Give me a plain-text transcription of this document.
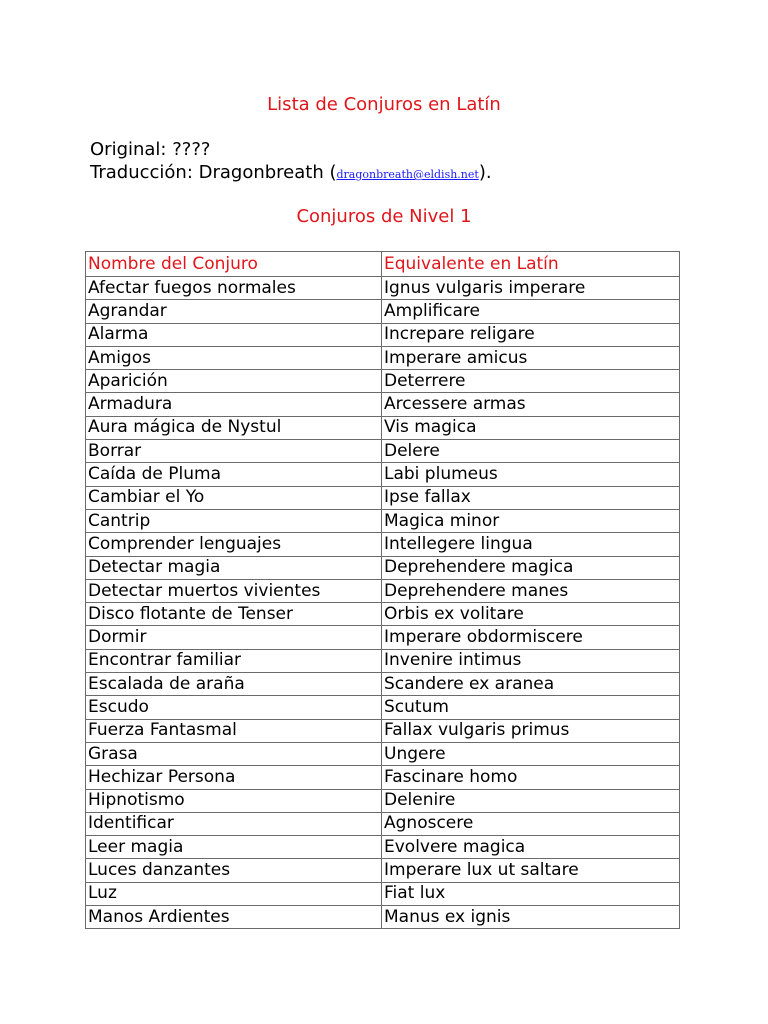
Lista de Conjuros en Latín
Original: ????
Traducción: Dragonbreath (dragonbreath@eldish.net).
Conjuros de Nivel 1
Nombre del Conjuro	Equivalente en Latín
Afectar fuegos normales	Ignus vulgaris imperare
Agrandar	Amplificare
Alarma	Increpare religare
Amigos	Imperare amicus
Aparición	Deterrere
Armadura	Arcessere armas
Aura mágica de Nystul	Vis magica
Borrar	Delere
Caída de Pluma	Labi plumeus
Cambiar el Yo	Ipse fallax
Cantrip	Magica minor
Comprender lenguajes	Intellegere lingua
Detectar magia	Deprehendere magica
Detectar muertos vivientes	Deprehendere manes
Disco flotante de Tenser	Orbis ex volitare
Dormir	Imperare obdormiscere
Encontrar familiar	Invenire intimus
Escalada de araña	Scandere ex aranea
Escudo	Scutum
Fuerza Fantasmal	Fallax vulgaris primus
Grasa	Ungere
Hechizar Persona	Fascinare homo
Hipnotismo	Delenire
Identificar	Agnoscere
Leer magia	Evolvere magica
Luces danzantes	Imperare lux ut saltare
Luz	Fiat lux
Manos Ardientes	Manus ex ignis
